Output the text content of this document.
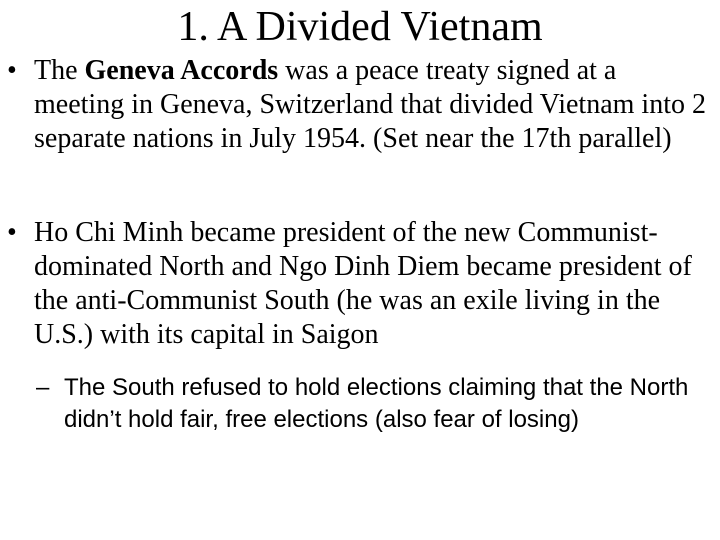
1. A Divided Vietnam
• The Geneva Accords was a peace treaty signed at a meeting in Geneva, Switzerland that divided Vietnam into 2 separate nations in July 1954. (Set near the 17th parallel)
• Ho Chi Minh became president of the new Communist-dominated North and Ngo Dinh Diem became president of the anti-Communist South (he was an exile living in the U.S.) with its capital in Saigon
– The South refused to hold elections claiming that the North didn’t hold fair, free elections (also fear of losing)
